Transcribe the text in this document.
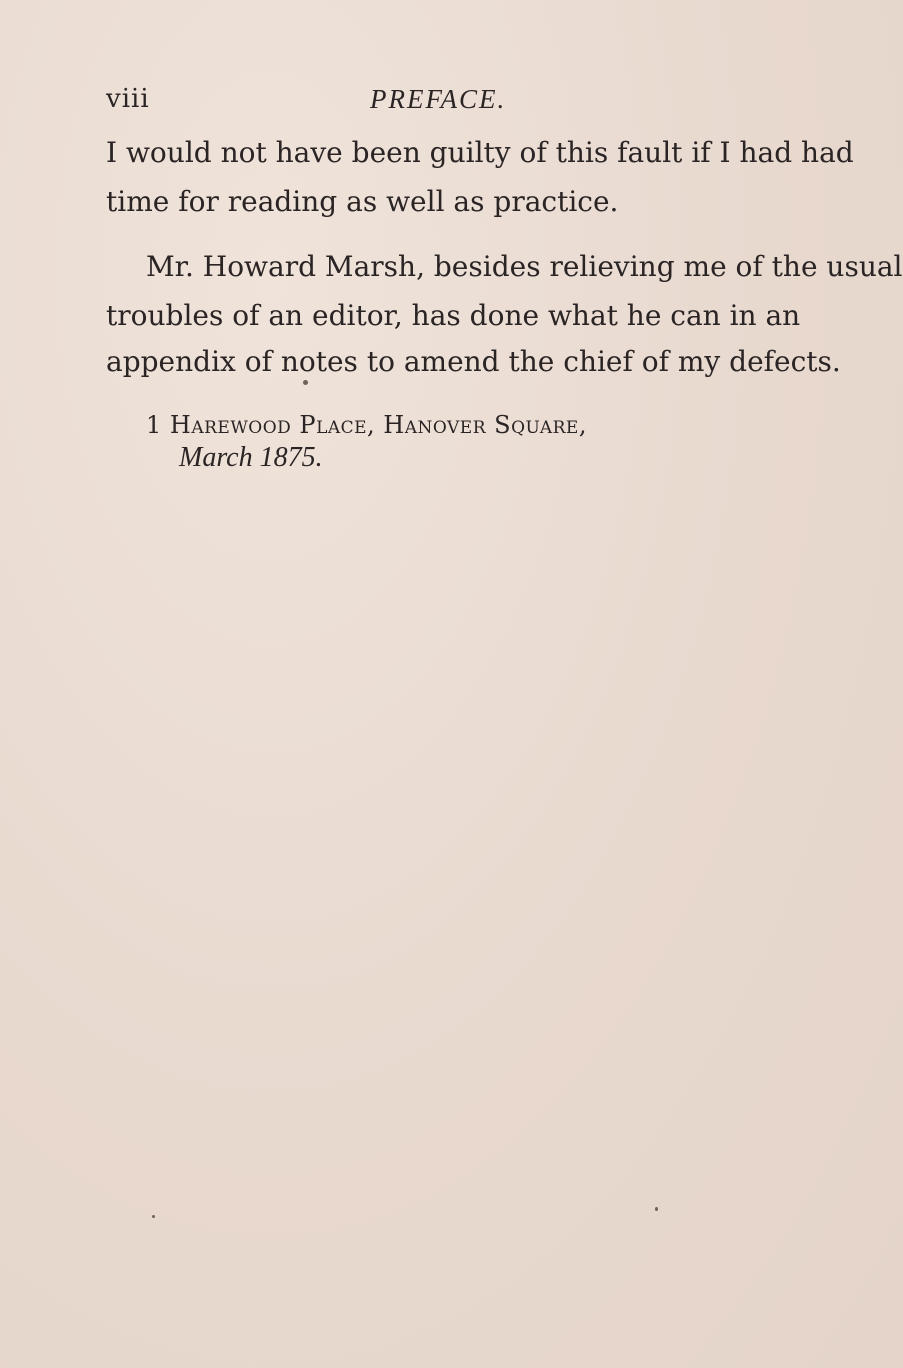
viii	PREFACE.
I would not have been guilty of this fault if I had had
time for reading as well as practice.
Mr. Howard Marsh, besides relieving me of the usual
troubles of an editor, has done what he can in an
appendix of notes to amend the chief of my defects.
1 Harewood Place, Hanover Square,
March 1875.
